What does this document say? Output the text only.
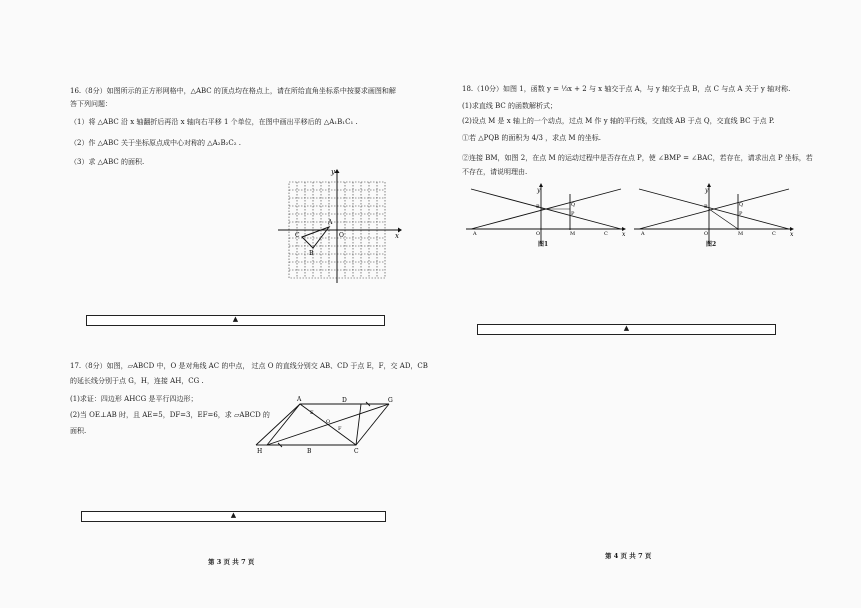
16.（8分）如图所示的正方形网格中，△ABC 的顶点均在格点上，请在所给直角坐标系中按要求画图和解
答下列问题：
（1）将 △ABC 沿 x 轴翻折后再沿 x 轴向右平移 1 个单位，在图中画出平移后的 △A₁B₁C₁ .
（2）作 △ABC 关于坐标原点成中心对称的 △A₂B₂C₂ .
（3）求 △ABC 的面积.
y
x
O
A
C
B
▲
17.（8分）如图，▱ABCD 中，O 是对角线 AC 的中点， 过点 O 的直线分别交 AB、CD 于点 E，F，交 AD，CB
的延长线分别于点 G，H，连接 AH，CG .
(1)求证：四边形 AHCG 是平行四边形；
(2)当 OE⊥AB 时，且 AE=5，DF=3，EF=6，求 ▱ABCD 的
面积.
A	D	G
H	B	C
E
F
O
▲
第 3 页 共 7 页
18.（10分）如图 1，函数 y = ⅓x + 2 与 x 轴交于点 A，与 y 轴交于点 B，点 C 与点 A 关于 y 轴对称.
(1)求直线 BC 的函数解析式；
(2)设点 M 是 x 轴上的一个动点，过点 M 作 y 轴的平行线，交直线 AB 于点 Q，交直线 BC 于点 P.
①若 △PQB 的面积为 4/3 ，求点 M 的坐标.
②连接 BM，如图 2，在点 M 的运动过程中是否存在点 P，使 ∠BMP = ∠BAC，若存在，请求出点 P 坐标，若
不存在，请说明理由.
y
x
A
B
C
O	M
Q
P
图1
y
x
A
B
C
O	M
Q
P
图2
▲
第 4 页 共 7 页
